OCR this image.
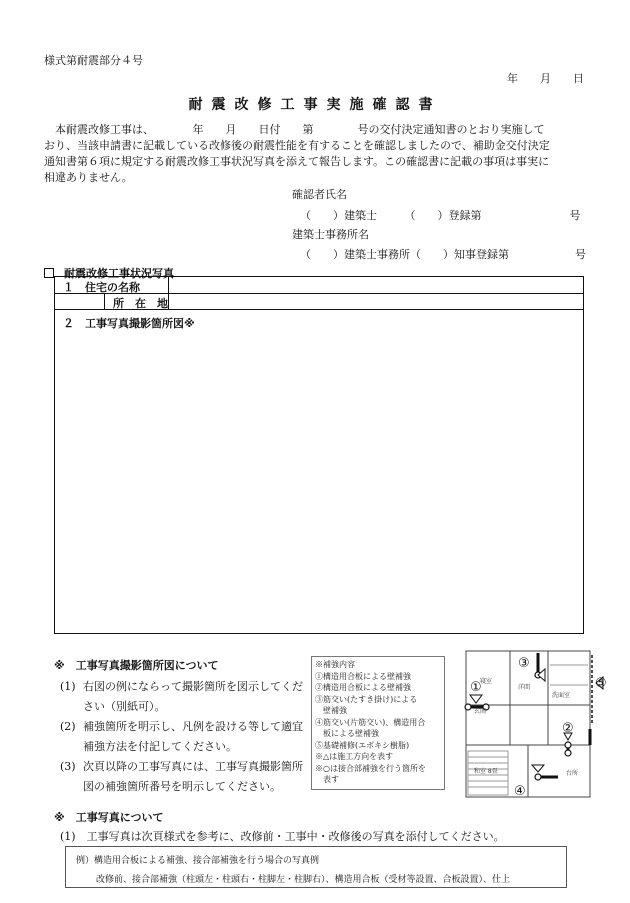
様式第耐震部分４号
年　　月　　日
耐震改修工事実施確認書

本耐震改修工事は、　　　　年　　月　　日付　　第　　　　号の交付決定通知書のとおり実施して

おり、当該申請書に記載している改修後の耐震性能を有することを確認しましたので、補助金交付決定

通知書第６項に規定する耐震改修工事状況写真を添えて報告します。この確認書に記載の事項は事実に

相違ありません。

確認者氏名
（　　）建築士　　　（　　）登録第　　　　　　　　号
建築士事務所名
（　　）建築士事務所（　　）知事登録第　　　　　　号
耐震改修工事状況写真
１　住宅の名称
所　在　地
２　工事写真撮影箇所図※
※　工事写真撮影箇所図について
(1) 右図の例にならって撮影箇所を図示してください（別紙可）。
(2) 補強箇所を明示し、凡例を設ける等して適宜補強方法を付記してください。
(3) 次頁以降の工事写真には、工事写真撮影箇所図の補強箇所番号を明示してください。
※補強内容
①構造用合板による壁補強
②構造用合板による壁補強
③筋交い(たすき掛け)による
　壁補強
④筋交い(片筋交い)、構造用合
　板による壁補強
⑤基礎補修(エポキシ樹脂)
※△は施工方向を表す
※○は接合部補強を行う箇所を
　表す
①
②
③
④
⑤
玄関
寝室
洋間
洗面室
和室 8畳	台所
※　工事写真について
(1)　工事写真は次頁様式を参考に、改修前・工事中・改修後の写真を添付してください。
例）構造用合板による補強、接合部補強を行う場合の写真例
改修前、接合部補強（柱頭左・柱頭右・柱脚左・柱脚右）、構造用合板（受材等設置、合板設置）、仕上
